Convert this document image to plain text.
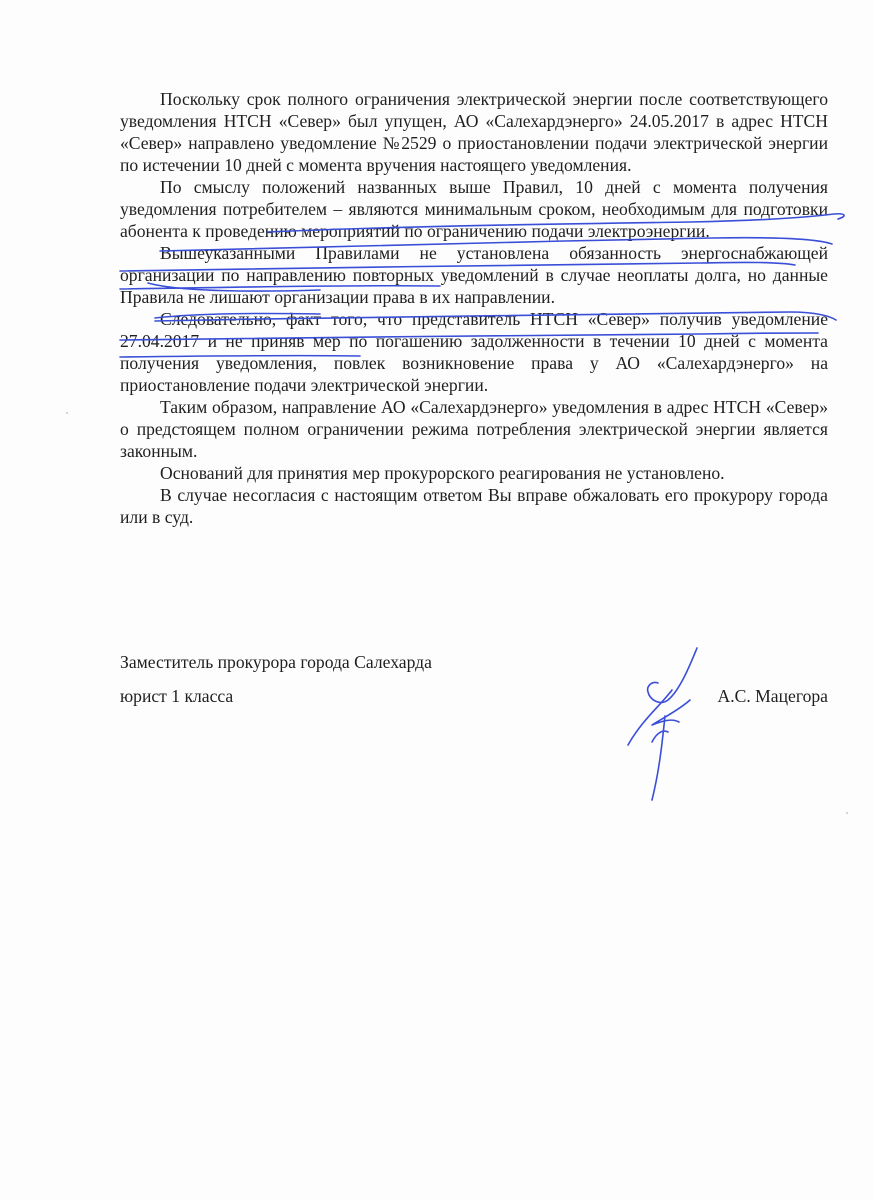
Поскольку срок полного ограничения электрической энергии после соответствующего уведомления НТСН «Север» был упущен, АО «Салехардэнерго» 24.05.2017 в адрес НТСН «Север» направлено уведомление №2529 о приостановлении подачи электрической энергии по истечении 10 дней с момента вручения настоящего уведомления.

По смыслу положений названных выше Правил, 10 дней с момента получения уведомления потребителем – являются минимальным сроком, необходимым для подготовки абонента к проведению мероприятий по ограничению подачи электроэнергии.

Вышеуказанными Правилами не установлена обязанность энергоснабжающей организации по направлению повторных уведомлений в случае неоплаты долга, но данные Правила не лишают организации права в их направлении.

Следовательно, факт того, что представитель НТСН «Север» получив уведомление 27.04.2017 и не приняв мер по погашению задолженности в течении 10 дней с момента получения уведомления, повлек возникновение права у АО «Салехардэнерго» на приостановление подачи электрической энергии.

Таким образом, направление АО «Салехардэнерго» уведомления в адрес НТСН «Север» о предстоящем полном ограничении режима потребления электрической энергии является законным.

Оснований для принятия мер прокурорского реагирования не установлено.

В случае несогласия с настоящим ответом Вы вправе обжаловать его прокурору города или в суд.

Заместитель прокурора города Салехарда
юрист 1 класса	А.С. Мацегора
